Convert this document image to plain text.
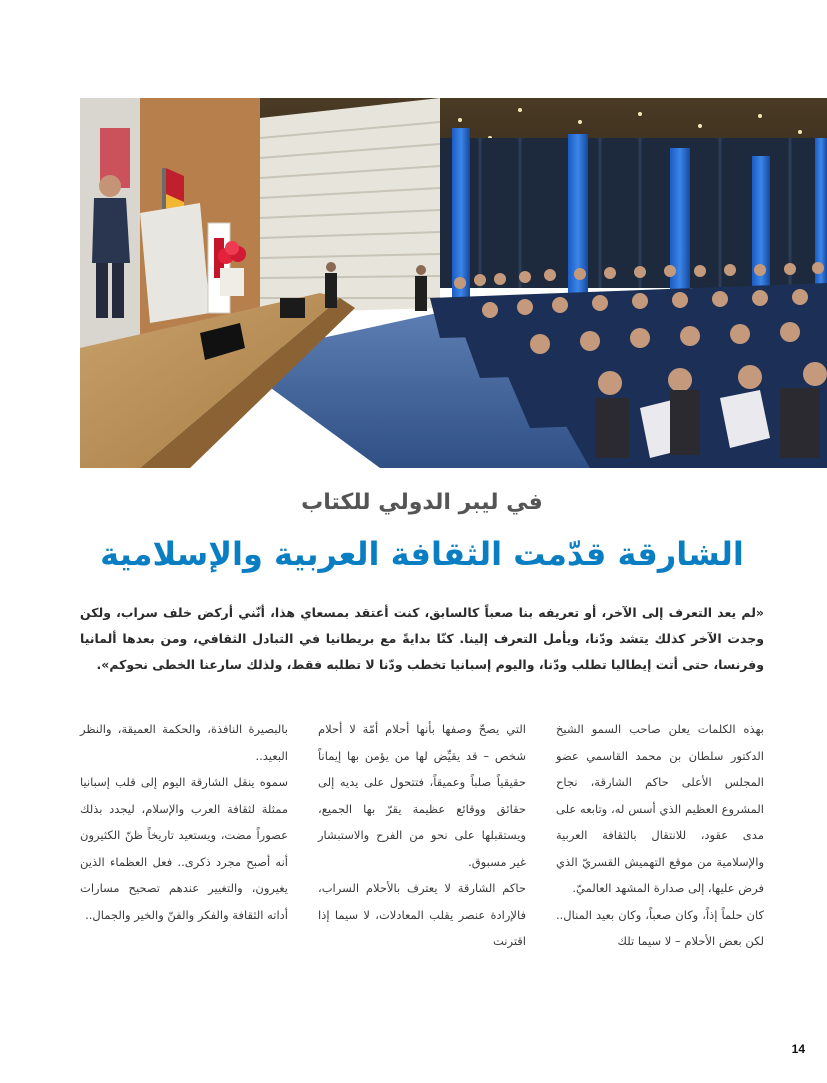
في ليبر الدولي للكتاب

الشارقة قدّمت الثقافة العربية والإسلامية

«لم يعد التعرف إلى الآخر، أو تعريفه بنا صعباً كالسابق، كنت أعتقد بمسعاي هذا، أنّني أركض خلف سراب، ولكن وجدت الآخر كذلك يتشد ودّنا، ويأمل التعرف إلينا. كنّا بدايةً مع بريطانيا في التبادل الثقافي، ومن بعدها ألمانيا وفرنسا، حتى أتت إيطاليا تطلب ودّنا، واليوم إسبانيا تخطب ودّنا لا تطلبه فقط، ولذلك سارعنا الخطى نحوكم».

بهذه الكلمات يعلن صاحب السمو الشيخ الدكتور سلطان بن محمد القاسمي عضو المجلس الأعلى حاكم الشارقة، نجاح المشروع العظيم الذي أسس له، وتابعه على مدى عقود، للانتقال بالثقافة العربية والإسلامية من موقع التهميش القسريّ الذي فرض عليها، إلى صدارة المشهد العالميّ.

كان حلماً إذاً، وكان صعباً، وكان بعيد المنال.. لكن بعض الأحلام – لا سيما تلك

التي يصحّ وصفها بأنها أحلام أمّة لا أحلام شخص – قد يقيِّض لها من يؤمن بها إيماناً حقيقياً صلباً وعميقاً، فتتحول على يديه إلى حقائق ووقائع عظيمة يقرّ بها الجميع، ويستقبلها على نحو من الفرح والاستبشار غير مسبوق.

حاكم الشارقة لا يعترف بالأحلام السراب، فالإرادة عنصر يقلب المعادلات، لا سيما إذا اقترنت

بالبصيرة النافذة، والحكمة العميقة، والنظر البعيد..

سموه ينقل الشارقة اليوم إلى قلب إسبانيا ممثلة لثقافة العرب والإسلام، ليجدد بذلك عصوراً مضت، ويستعيد تاريخاً ظنّ الكثيرون أنه أصبح مجرد ذكرى.. فعل العظماء الذين يغيرون، والتغيير عندهم تصحيح مسارات أداته الثقافة والفكر والفنّ والخير والجمال..

14
